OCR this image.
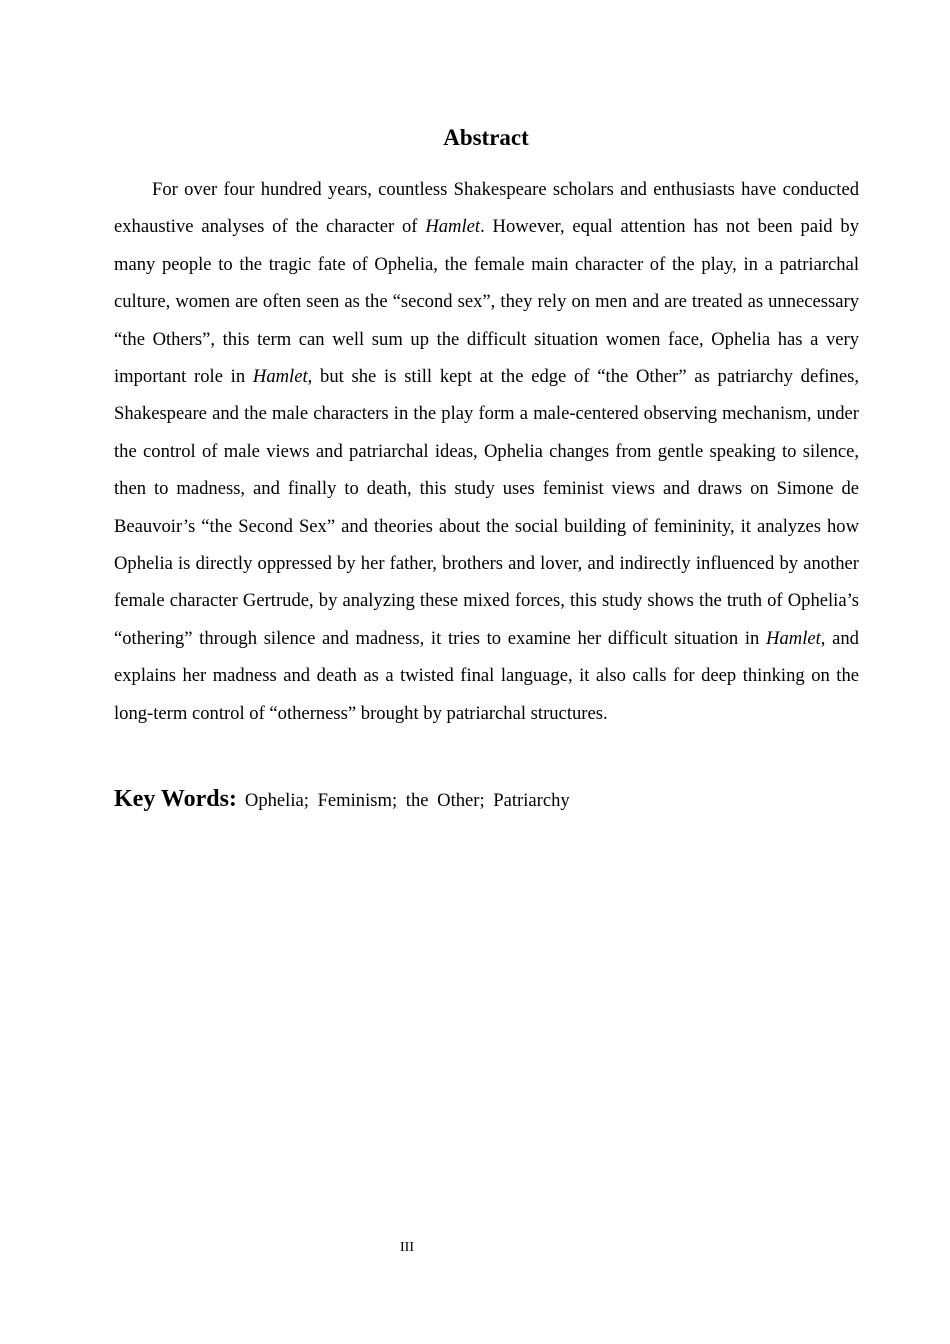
Abstract

For over four hundred years, countless Shakespeare scholars and enthusiasts have conducted exhaustive analyses of the character of Hamlet. However, equal attention has not been paid by many people to the tragic fate of Ophelia, the female main character of the play, in a patriarchal culture, women are often seen as the “second sex”, they rely on men and are treated as unnecessary “the Others”, this term can well sum up the difficult situation women face, Ophelia has a very important role in Hamlet, but she is still kept at the edge of “the Other” as patriarchy defines, Shakespeare and the male characters in the play form a male-centered observing mechanism, under the control of male views and patriarchal ideas, Ophelia changes from gentle speaking to silence, then to madness, and finally to death, this study uses feminist views and draws on Simone de Beauvoir’s “the Second Sex” and theories about the social building of femininity, it analyzes how Ophelia is directly oppressed by her father, brothers and lover, and indirectly influenced by another female character Gertrude, by analyzing these mixed forces, this study shows the truth of Ophelia’s “othering” through silence and madness, it tries to examine her difficult situation in Hamlet, and explains her madness and death as a twisted final language, it also calls for deep thinking on the long-term control of “otherness” brought by patriarchal structures.

Key Words: Ophelia; Feminism; the Other; Patriarchy

III
